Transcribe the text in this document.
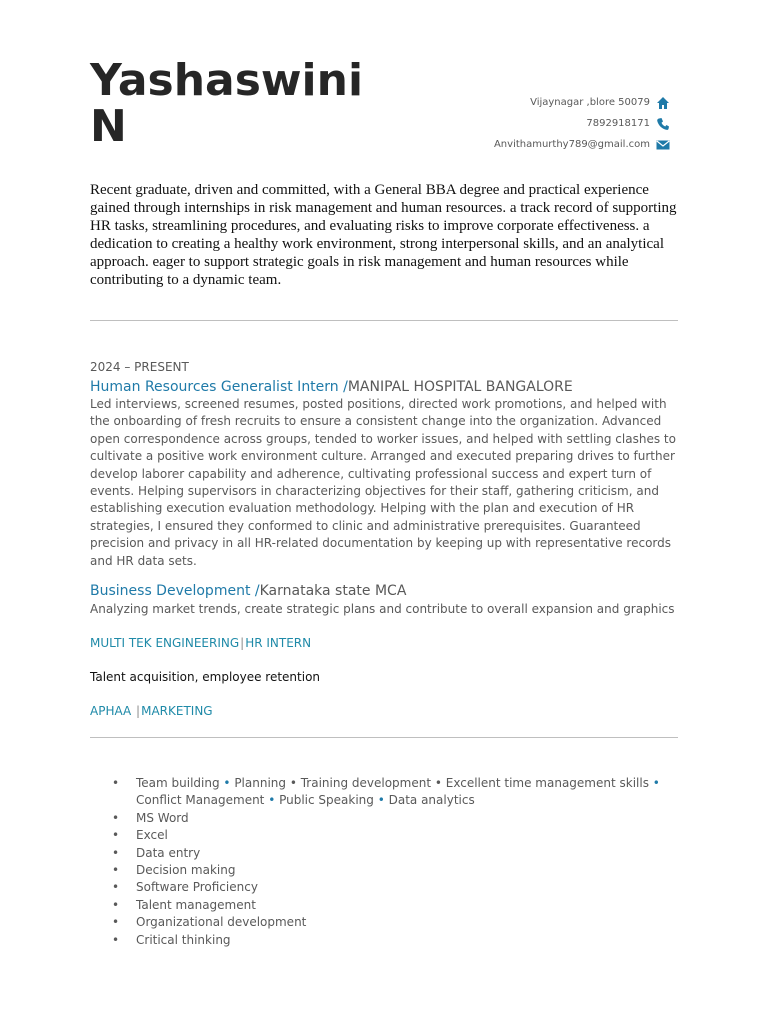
Yashaswini
N	Vijaynagar ,blore 50079
7892918171
Anvithamurthy789@gmail.com
Recent graduate, driven and committed, with a General BBA degree and practical experience gained through internships in risk management and human resources. a track record of supporting HR tasks, streamlining procedures, and evaluating risks to improve corporate effectiveness. a dedication to creating a healthy work environment, strong interpersonal skills, and an analytical approach. eager to support strategic goals in risk management and human resources while contributing to a dynamic team.
2024 – PRESENT
Human Resources Generalist Intern /MANIPAL HOSPITAL BANGALORE
Led interviews, screened resumes, posted positions, directed work promotions, and helped with the onboarding of fresh recruits to ensure a consistent change into the organization. Advanced open correspondence across groups, tended to worker issues, and helped with settling clashes to cultivate a positive work environment culture. Arranged and executed preparing drives to further develop laborer capability and adherence, cultivating professional success and expert turn of events. Helping supervisors in characterizing objectives for their staff, gathering criticism, and establishing execution evaluation methodology. Helping with the plan and execution of HR strategies, I ensured they conformed to clinic and administrative prerequisites. Guaranteed precision and privacy in all HR-related documentation by keeping up with representative records and HR data sets.
Business Development /Karnataka state MCA
Analyzing market trends, create strategic plans and contribute to overall expansion and graphics
MULTI TEK ENGINEERING|HR INTERN
Talent acquisition, employee retention
APHAA |MARKETING
• Team building • Planning • Training development • Excellent time management skills • Conflict Management • Public Speaking • Data analytics
• MS Word
• Excel
• Data entry
• Decision making
• Software Proficiency
• Talent management
• Organizational development
• Critical thinking
